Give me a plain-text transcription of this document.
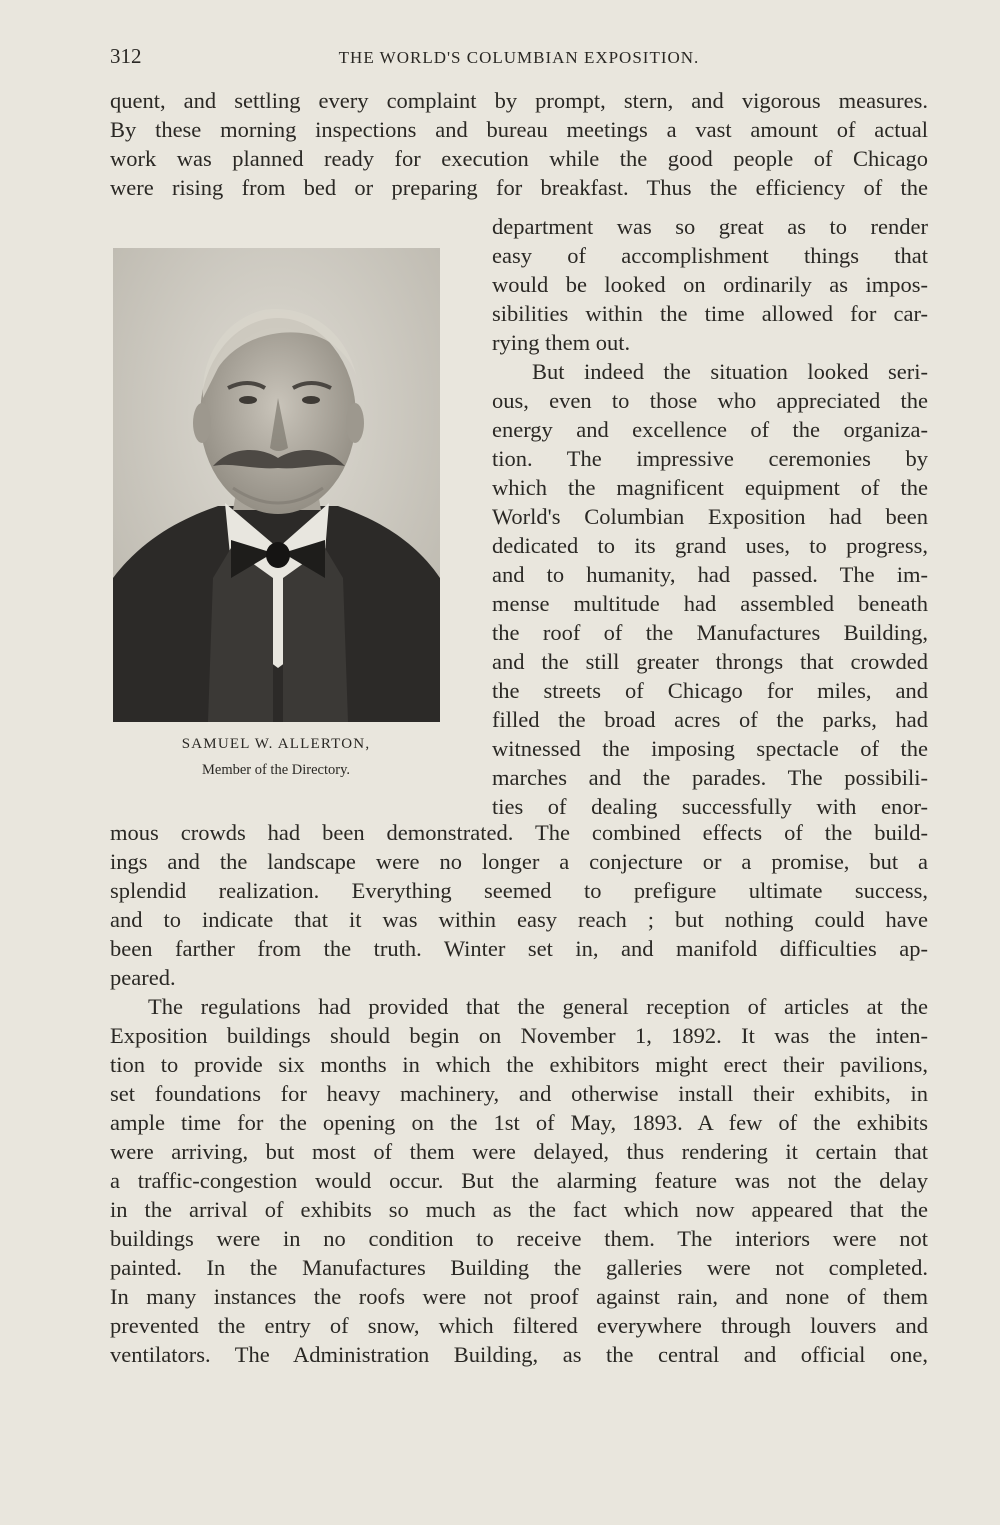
312	THE WORLD'S COLUMBIAN EXPOSITION.
quent, and settling every complaint by prompt, stern, and vigorous measures.
By these morning inspections and bureau meetings a vast amount of actual
work was planned ready for execution while the good people of Chicago
were rising from bed or preparing for breakfast. Thus the efficiency of the
SAMUEL W. ALLERTON,
Member of the Directory.
department was so great as to render
easy of accomplishment things that
would be looked on ordinarily as impos-
sibilities within the time allowed for car-
rying them out.
But indeed the situation looked seri-
ous, even to those who appreciated the
energy and excellence of the organiza-
tion. The impressive ceremonies by
which the magnificent equipment of the
World's Columbian Exposition had been
dedicated to its grand uses, to progress,
and to humanity, had passed. The im-
mense multitude had assembled beneath
the roof of the Manufactures Building,
and the still greater throngs that crowded
the streets of Chicago for miles, and
filled the broad acres of the parks, had
witnessed the imposing spectacle of the
marches and the parades. The possibili-
ties of dealing successfully with enor-
mous crowds had been demonstrated. The combined effects of the build-
ings and the landscape were no longer a conjecture or a promise, but a
splendid realization. Everything seemed to prefigure ultimate success,
and to indicate that it was within easy reach ; but nothing could have
been farther from the truth. Winter set in, and manifold difficulties ap-
peared.
The regulations had provided that the general reception of articles at the
Exposition buildings should begin on November 1, 1892. It was the inten-
tion to provide six months in which the exhibitors might erect their pavilions,
set foundations for heavy machinery, and otherwise install their exhibits, in
ample time for the opening on the 1st of May, 1893. A few of the exhibits
were arriving, but most of them were delayed, thus rendering it certain that
a traffic-congestion would occur. But the alarming feature was not the delay
in the arrival of exhibits so much as the fact which now appeared that the
buildings were in no condition to receive them. The interiors were not
painted. In the Manufactures Building the galleries were not completed.
In many instances the roofs were not proof against rain, and none of them
prevented the entry of snow, which filtered everywhere through louvers and
ventilators. The Administration Building, as the central and official one,
